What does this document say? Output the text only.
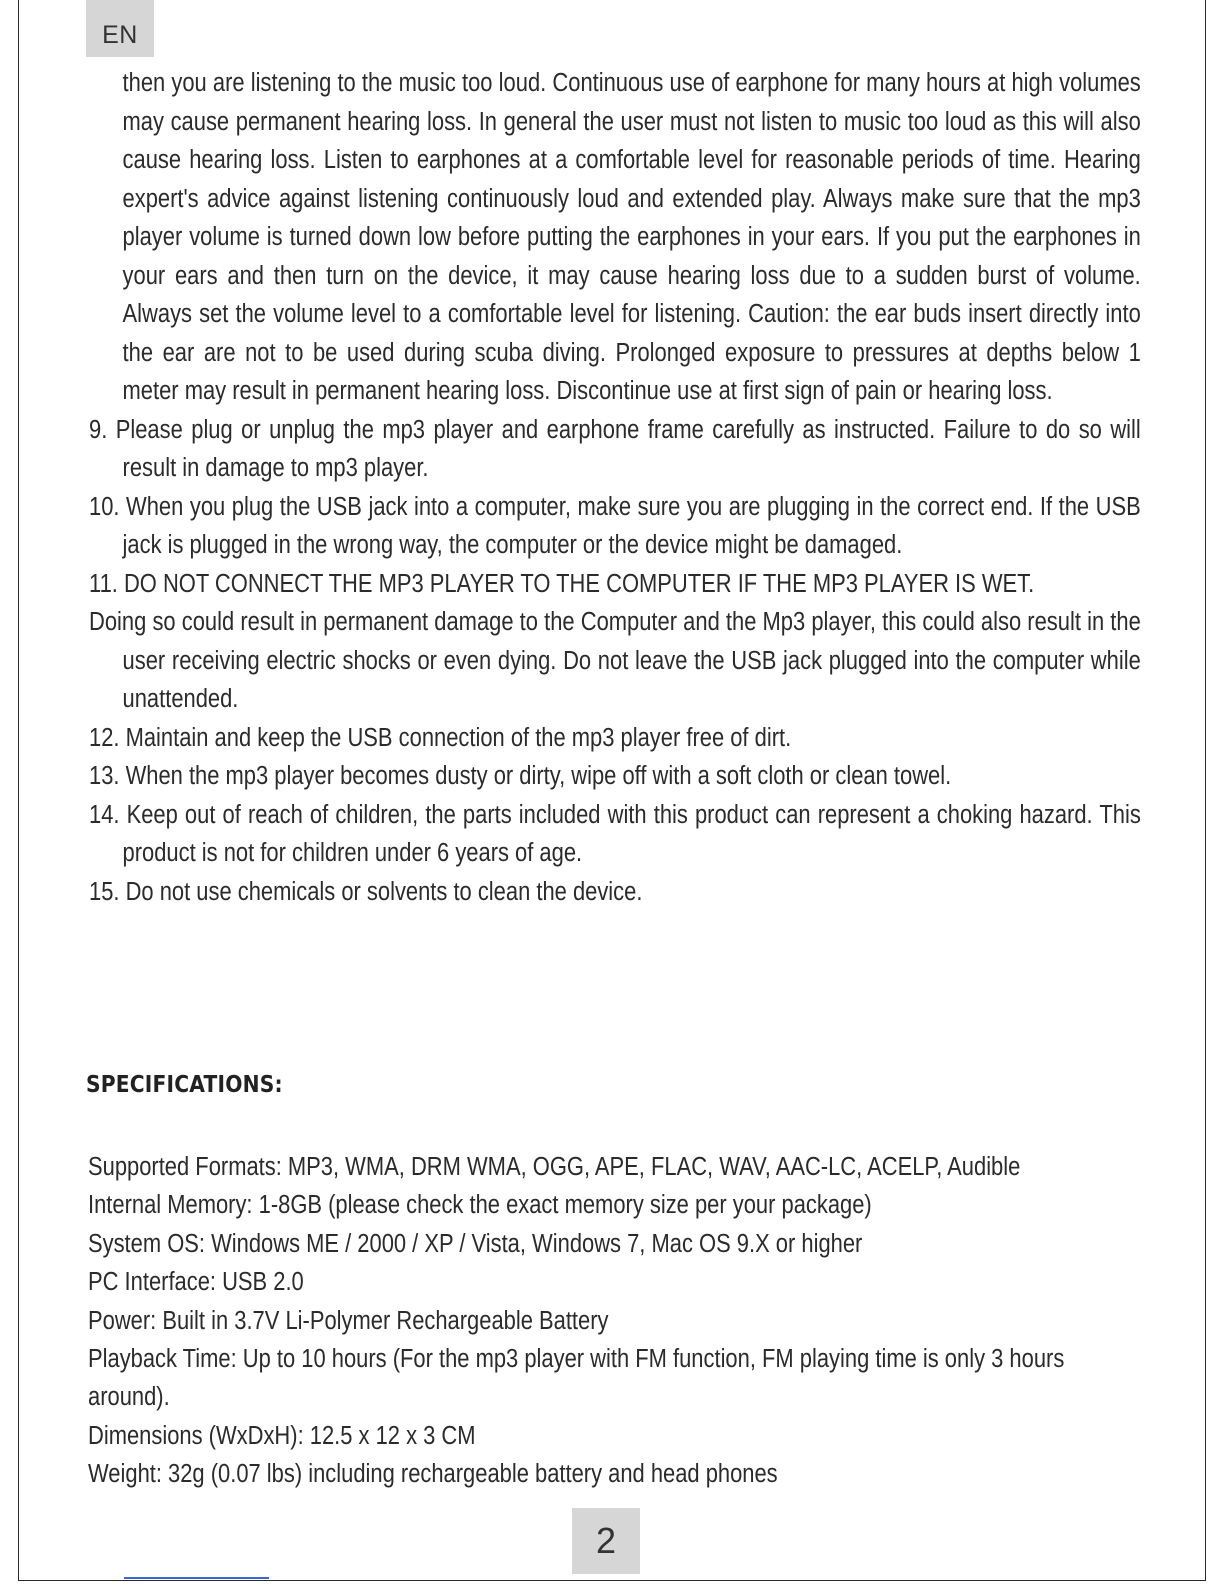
EN

then you are listening to the music too loud. Continuous use of earphone for many hours at high volumes may cause permanent hearing loss. In general the user must not listen to music too loud as this will also cause hearing loss. Listen to earphones at a comfortable level for reasonable periods of time. Hearing expert's advice against listening continuously loud and extended play. Always make sure that the mp3 player volume is turned down low before putting the earphones in your ears. If you put the earphones in your ears and then turn on the device, it may cause hearing loss due to a sudden burst of volume. Always set the volume level to a comfortable level for listening. Caution: the ear buds insert directly into the ear are not to be used during scuba diving. Prolonged exposure to pressures at depths below 1 meter may result in permanent hearing loss. Discontinue use at first sign of pain or hearing loss.

9. Please plug or unplug the mp3 player and earphone frame carefully as instructed. Failure to do so will result in damage to mp3 player.

10. When you plug the USB jack into a computer, make sure you are plugging in the correct end. If the USB jack is plugged in the wrong way, the computer or the device might be damaged.

11. DO NOT CONNECT THE MP3 PLAYER TO THE COMPUTER IF THE MP3 PLAYER IS WET.

Doing so could result in permanent damage to the Computer and the Mp3 player, this could also result in the user receiving electric shocks or even dying. Do not leave the USB jack plugged into the computer while unattended.

12. Maintain and keep the USB connection of the mp3 player free of dirt.

13. When the mp3 player becomes dusty or dirty, wipe off with a soft cloth or clean towel.

14. Keep out of reach of children, the parts included with this product can represent a choking hazard. This product is not for children under 6 years of age.

15. Do not use chemicals or solvents to clean the device.

SPECIFICATIONS:

Supported Formats: MP3, WMA, DRM WMA, OGG, APE, FLAC, WAV, AAC-LC, ACELP, Audible

Internal Memory: 1-8GB (please check the exact memory size per your package)

System OS: Windows ME / 2000 / XP / Vista, Windows 7, Mac OS 9.X or higher

PC Interface: USB 2.0

Power: Built in 3.7V Li-Polymer Rechargeable Battery

Playback Time: Up to 10 hours (For the mp3 player with FM function, FM playing time is only 3 hours around).

Dimensions (WxDxH): 12.5 x 12 x 3 CM

Weight: 32g (0.07 lbs) including rechargeable battery and head phones

2
